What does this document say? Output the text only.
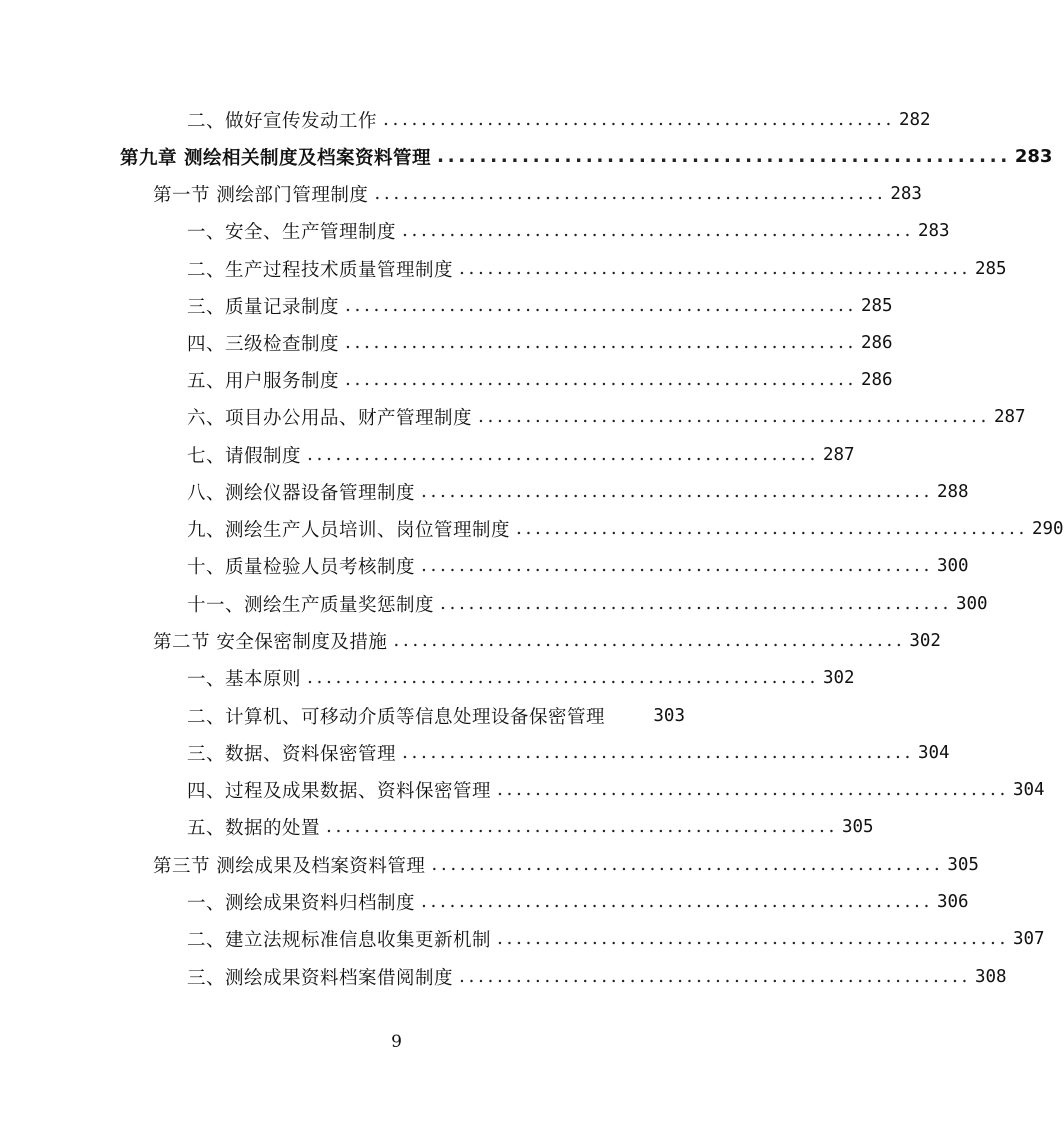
二、做好宣传发动工作 ...................................................... 282
第九章 测绘相关制度及档案资料管理 ...................................................... 283
第一节 测绘部门管理制度 ...................................................... 283
一、安全、生产管理制度 ...................................................... 283
二、生产过程技术质量管理制度 ...................................................... 285
三、质量记录制度 ...................................................... 285
四、三级检查制度 ...................................................... 286
五、用户服务制度 ...................................................... 286
六、项目办公用品、财产管理制度 ...................................................... 287
七、请假制度 ...................................................... 287
八、测绘仪器设备管理制度 ...................................................... 288
九、测绘生产人员培训、岗位管理制度 ...................................................... 290
十、质量检验人员考核制度 ...................................................... 300
十一、测绘生产质量奖惩制度 ...................................................... 300
第二节 安全保密制度及措施 ...................................................... 302
一、基本原则 ...................................................... 302
二、计算机、可移动介质等信息处理设备保密管理	303
三、数据、资料保密管理 ...................................................... 304
四、过程及成果数据、资料保密管理 ...................................................... 304
五、数据的处置 ...................................................... 305
第三节 测绘成果及档案资料管理 ...................................................... 305
一、测绘成果资料归档制度 ...................................................... 306
二、建立法规标准信息收集更新机制 ...................................................... 307
三、测绘成果资料档案借阅制度 ...................................................... 308
9
